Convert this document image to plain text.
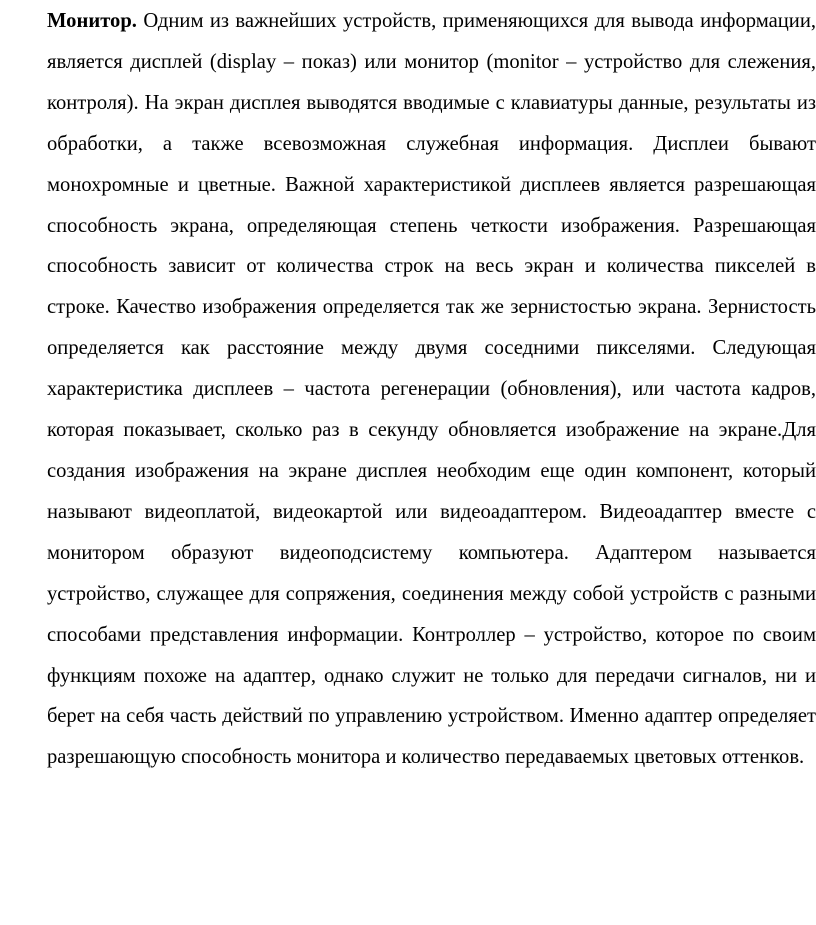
Монитор. Одним из важнейших устройств, применяющихся для вывода информации, является дисплей (display – показ) или монитор (monitor – устройство для слежения, контроля). На экран дисплея выводятся вводимые с клавиатуры данные, результаты из обработки, а также всевозможная служебная информация. Дисплеи бывают монохромные и цветные. Важной характеристикой дисплеев является разрешающая способность экрана, определяющая степень четкости изображения. Разрешающая способность зависит от количества строк на весь экран и количества пикселей в строке. Качество изображения определяется так же зернистостью экрана. Зернистость определяется как расстояние между двумя соседними пикселями. Следующая характеристика дисплеев – частота регенерации (обновления), или частота кадров, которая показывает, сколько раз в секунду обновляется изображение на экране.Для создания изображения на экране дисплея необходим еще один компонент, который называют видеоплатой, видеокартой или видеоадаптером. Видеоадаптер вместе с монитором образуют видеоподсистему компьютера. Адаптером называется устройство, служащее для сопряжения, соединения между собой устройств с разными способами представления информации. Контроллер – устройство, которое по своим функциям похоже на адаптер, однако служит не только для передачи сигналов, ни и берет на себя часть действий по управлению устройством. Именно адаптер определяет разрешающую способность монитора и количество передаваемых цветовых оттенков.
